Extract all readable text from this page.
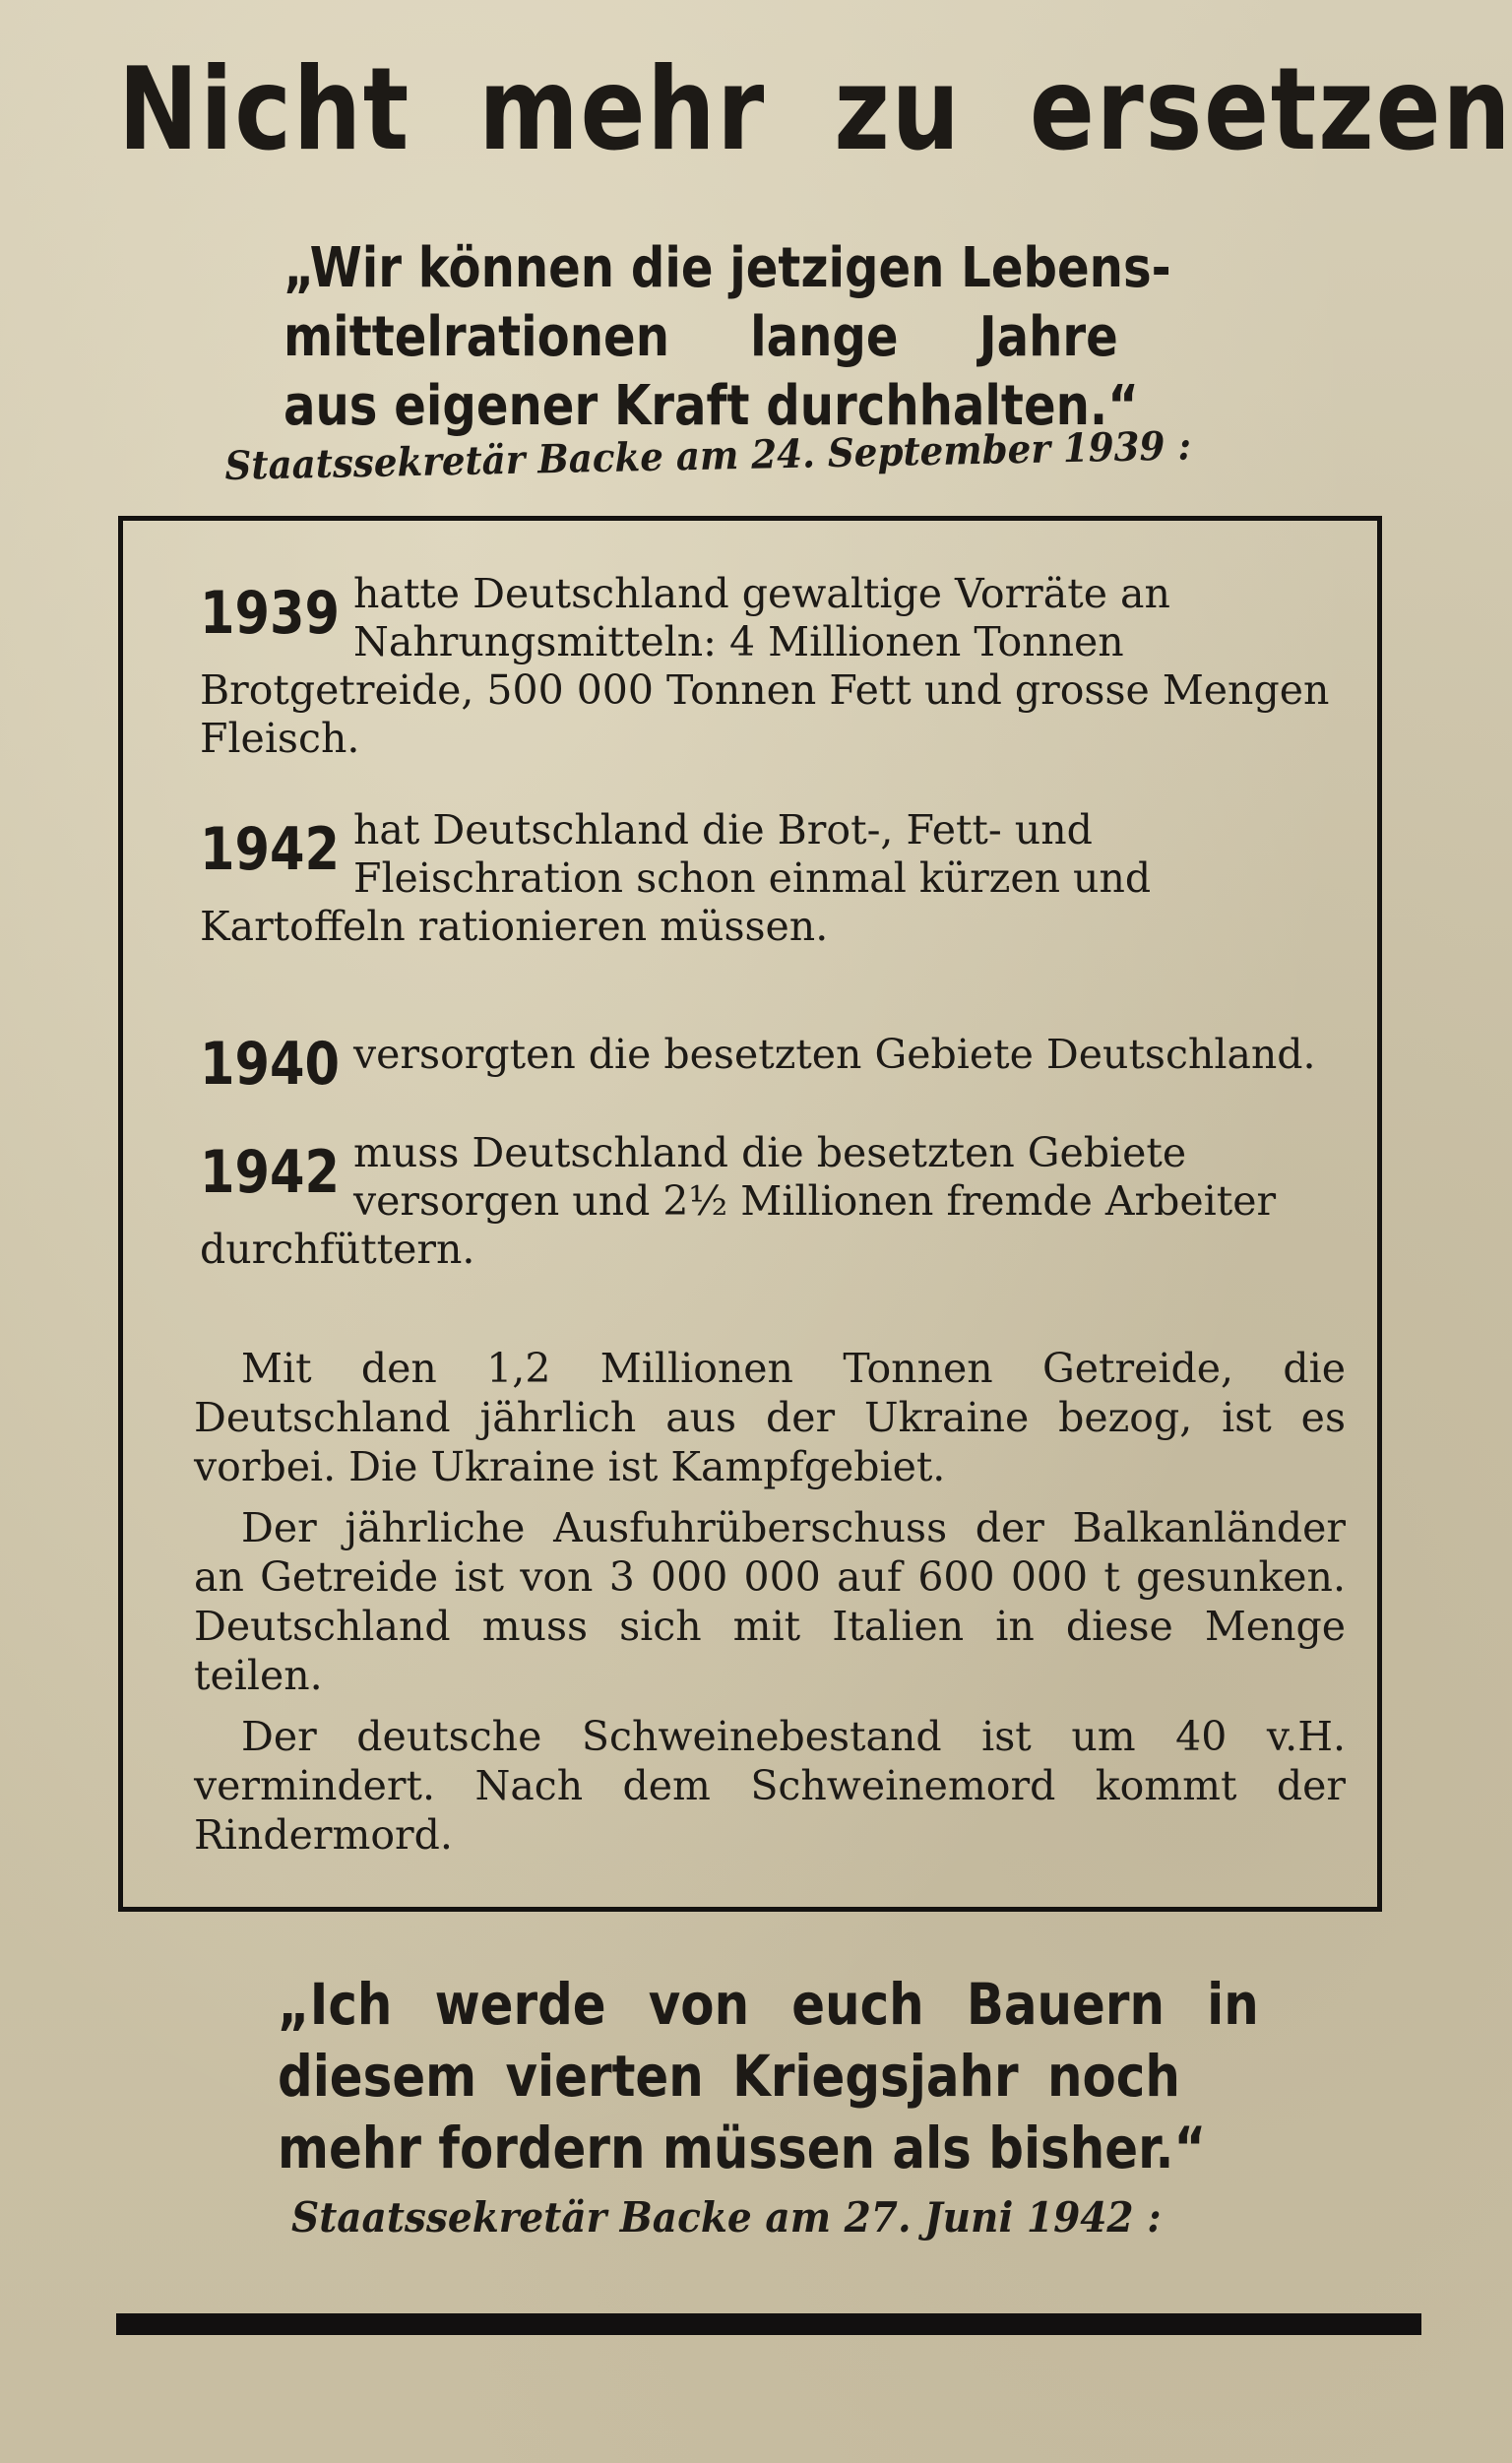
Nicht mehr zu ersetzen
„Wir können die jetzigen Lebens-
mittelrationen lange Jahre
aus eigener Kraft durchhalten.“
Staatssekretär Backe am 24. September 1939 :
1939 hatte Deutschland gewaltige Vorräte an Nahrungsmitteln: 4 Millionen Tonnen Brotgetreide, 500 000 Tonnen Fett und grosse Mengen Fleisch.
1942 hat Deutschland die Brot-, Fett- und Fleischration schon einmal kürzen und Kartoffeln rationieren müssen.
1940 versorgten die besetzten Gebiete Deutschland.
1942 muss Deutschland die besetzten Gebiete versorgen und 2½ Millionen fremde Arbeiter durchfüttern.
Mit den 1,2 Millionen Tonnen Getreide, die Deutschland jährlich aus der Ukraine bezog, ist es vorbei. Die Ukraine ist Kampfgebiet.
Der jährliche Ausfuhrüberschuss der Balkanländer an Getreide ist von 3 000 000 auf 600 000 t gesunken. Deutschland muss sich mit Italien in diese Menge teilen.
Der deutsche Schweinebestand ist um 40 v.H. vermindert. Nach dem Schweinemord kommt der Rindermord.
„Ich werde von euch Bauern in
diesem vierten Kriegsjahr noch
mehr fordern müssen als bisher.“
Staatssekretär Backe am 27. Juni 1942 :
